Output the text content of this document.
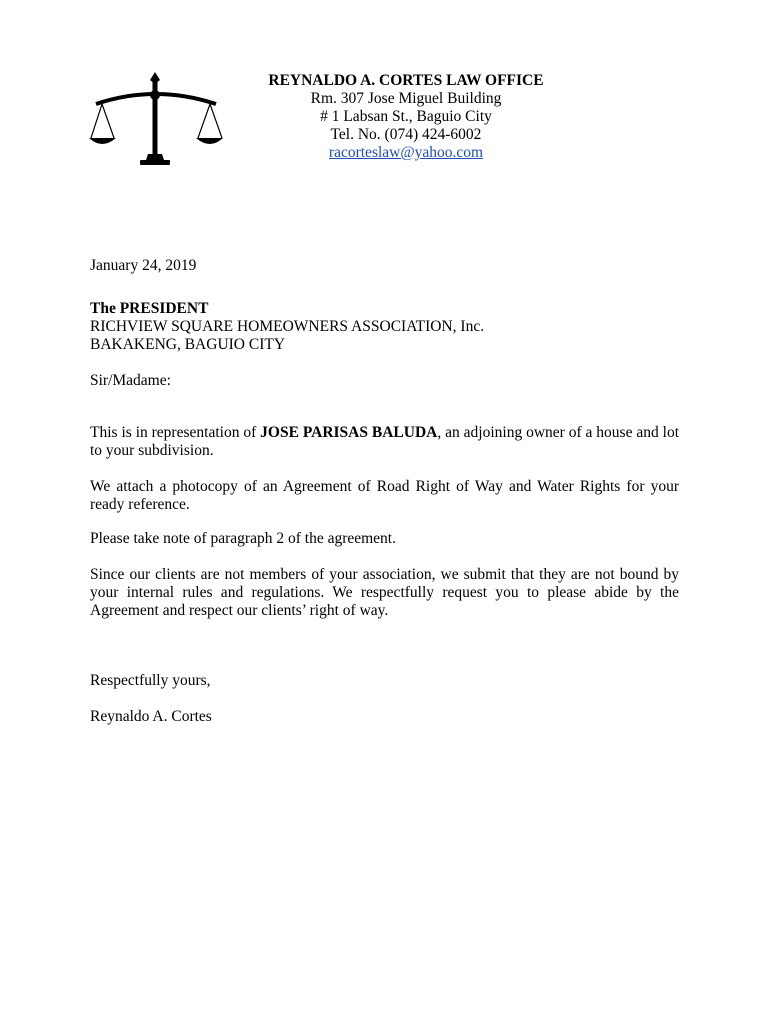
REYNALDO A. CORTES LAW OFFICE
Rm. 307 Jose Miguel Building
# 1 Labsan St., Baguio City
Tel. No. (074) 424-6002
racorteslaw@yahoo.com
January 24, 2019
The PRESIDENT
RICHVIEW SQUARE HOMEOWNERS ASSOCIATION, Inc.
BAKAKENG, BAGUIO CITY
Sir/Madame:
This is in representation of JOSE PARISAS BALUDA, an adjoining owner of a house and lot to your subdivision.
We attach a photocopy of an Agreement of Road Right of Way and Water Rights for your ready reference.
Please take note of paragraph 2 of the agreement.
Since our clients are not members of your association, we submit that they are not bound by your internal rules and regulations. We respectfully request you to please abide by the Agreement and respect our clients’ right of way.
Respectfully yours,
Reynaldo A. Cortes
